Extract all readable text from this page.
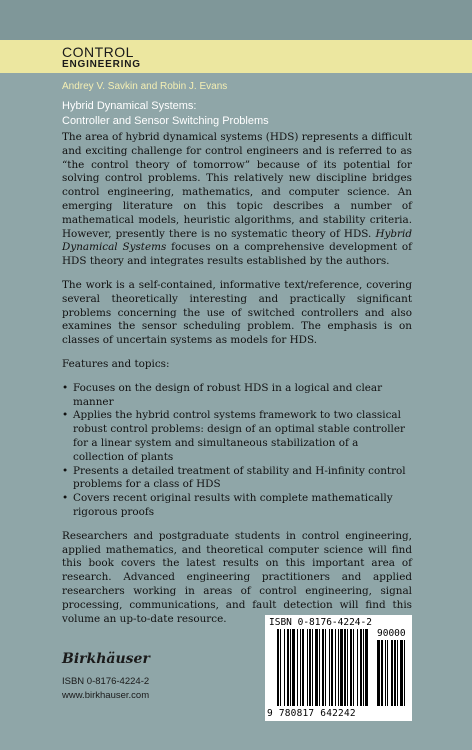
CONTROL
ENGINEERING
Andrey V. Savkin and Robin J. Evans
Hybrid Dynamical Systems:
Controller and Sensor Switching Problems

The area of hybrid dynamical systems (HDS) represents a difficult and exciting challenge for control engineers and is referred to as “the control theory of tomorrow” because of its potential for solving control problems. This relatively new discipline bridges control engineering, mathematics, and computer science. An emerging literature on this topic describes a number of mathematical models, heuristic algorithms, and stability criteria. However, presently there is no systematic theory of HDS. Hybrid Dynamical Systems focuses on a comprehensive development of HDS theory and integrates results established by the authors.

The work is a self-contained, informative text/reference, covering several theoretically interesting and practically significant problems concerning the use of switched controllers and also examines the sensor scheduling problem. The emphasis is on classes of uncertain systems as models for HDS.

Features and topics:

• Focuses on the design of robust HDS in a logical and clear manner
• Applies the hybrid control systems framework to two classical robust control problems: design of an optimal stable controller for a linear system and simultaneous stabilization of a collection of plants
• Presents a detailed treatment of stability and H-infinity control problems for a class of HDS
• Covers recent original results with complete mathematically rigorous proofs

Researchers and postgraduate students in control engineering, applied mathematics, and theoretical computer science will find this book covers the latest results on this important area of research. Advanced engineering practitioners and applied researchers working in areas of control engineering, signal processing, communications, and fault detection will find this volume an up-to-date resource.

Birkhäuser
ISBN 0-8176-4224-2
www.birkhauser.com
ISBN 0-8176-4224-2
90000
9 780817 642242
